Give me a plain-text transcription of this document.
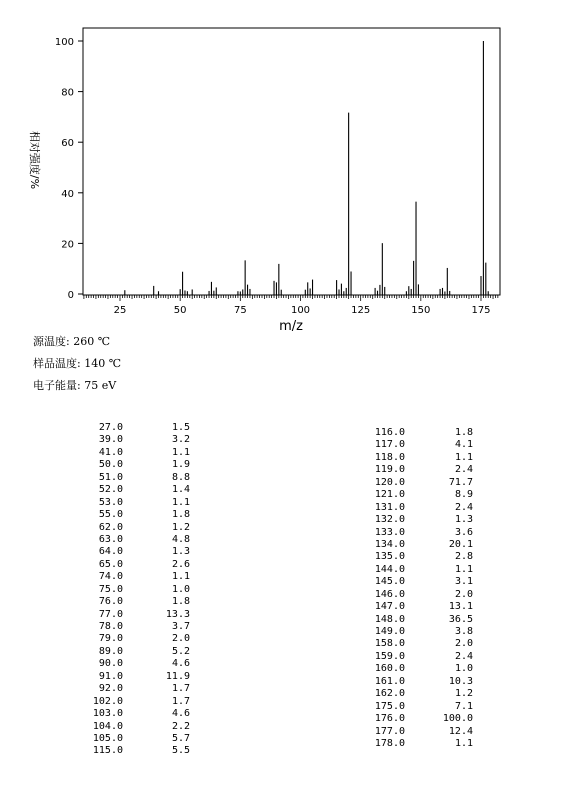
0
20
40
60
80
100
25	50	75	100	125	150	175
m/z
相对强度/%
源温度: 260 ℃
样品温度: 140 ℃
电子能量: 75 eV
27.0	1.5
39.0	3.2
41.0	1.1
50.0	1.9
51.0	8.8
52.0	1.4
53.0	1.1
55.0	1.8
62.0	1.2
63.0	4.8
64.0	1.3
65.0	2.6
74.0	1.1
75.0	1.0
76.0	1.8
77.0	13.3
78.0	3.7
79.0	2.0
89.0	5.2
90.0	4.6
91.0	11.9
92.0	1.7
102.0	1.7
103.0	4.6
104.0	2.2
105.0	5.7
115.0	5.5
116.0	1.8
117.0	4.1
118.0	1.1
119.0	2.4
120.0	71.7
121.0	8.9
131.0	2.4
132.0	1.3
133.0	3.6
134.0	20.1
135.0	2.8
144.0	1.1
145.0	3.1
146.0	2.0
147.0	13.1
148.0	36.5
149.0	3.8
158.0	2.0
159.0	2.4
160.0	1.0
161.0	10.3
162.0	1.2
175.0	7.1
176.0	100.0
177.0	12.4
178.0	1.1
